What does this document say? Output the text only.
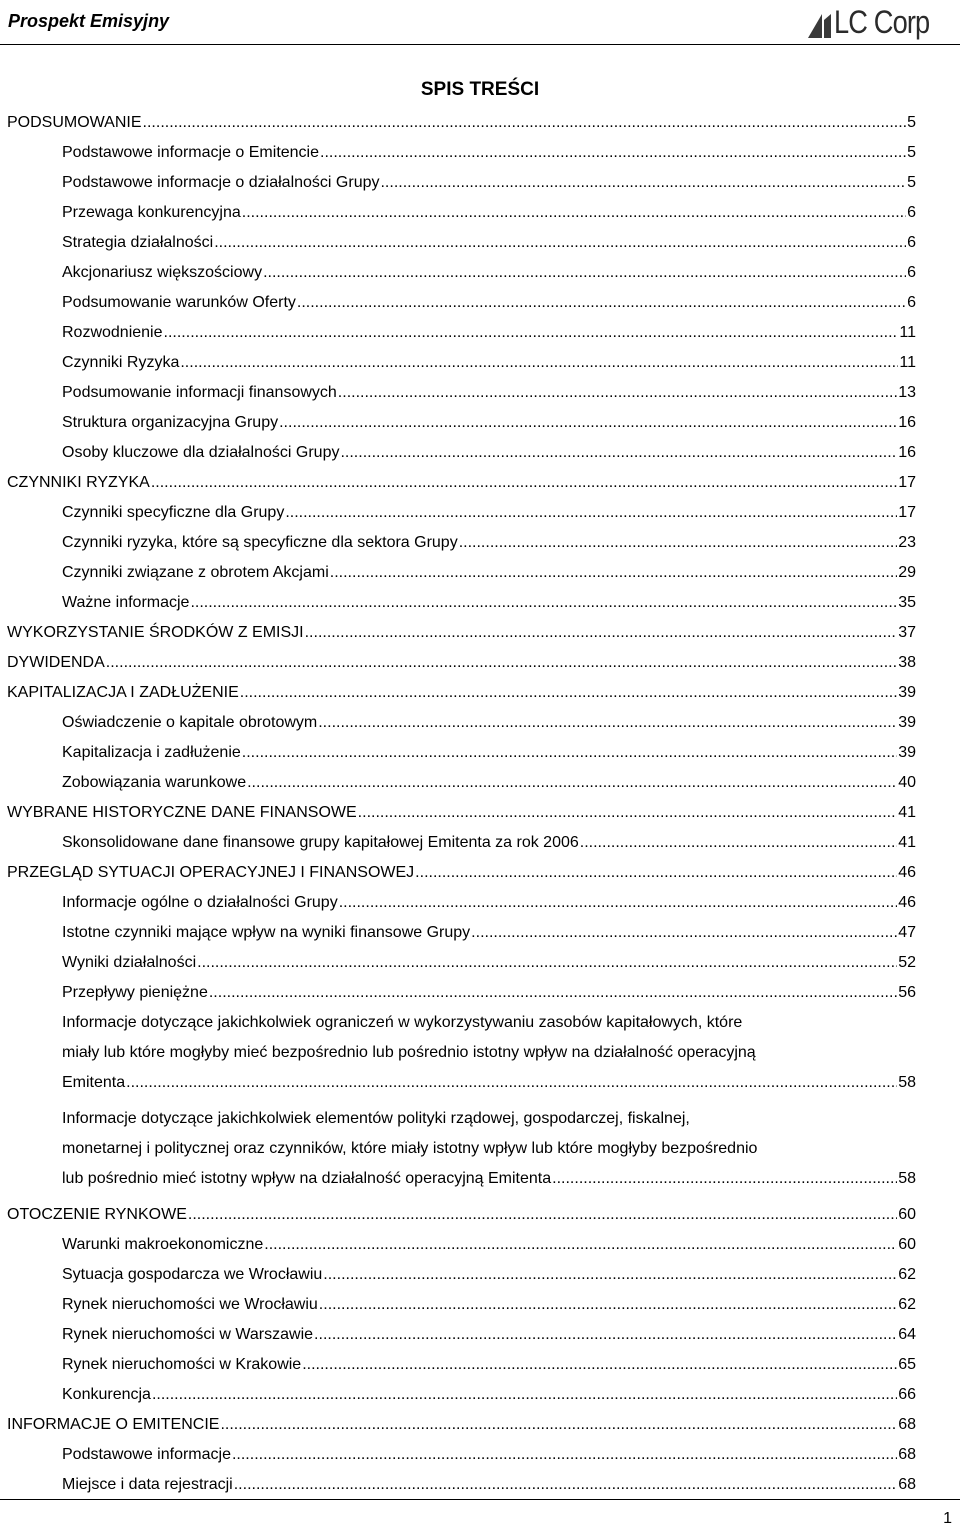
Prospekt Emisyjny	LC Corp
SPIS TREŚCI
PODSUMOWANIE .....	5
Podstawowe informacje o Emitencie .....	5
Podstawowe informacje o działalności Grupy .....	5
Przewaga konkurencyjna .....	6
Strategia działalności .....	6
Akcjonariusz większościowy .....	6
Podsumowanie warunków Oferty .....	6
Rozwodnienie .....	11
Czynniki Ryzyka .....	11
Podsumowanie informacji finansowych .....	13
Struktura organizacyjna Grupy .....	16
Osoby kluczowe dla działalności Grupy .....	16
CZYNNIKI RYZYKA .....	17
Czynniki specyficzne dla Grupy .....	17
Czynniki ryzyka, które są specyficzne dla sektora Grupy .....	23
Czynniki związane z obrotem Akcjami .....	29
Ważne informacje .....	35
WYKORZYSTANIE ŚRODKÓW Z EMISJI .....	37
DYWIDENDA .....	38
KAPITALIZACJA I ZADŁUŻENIE .....	39
Oświadczenie o kapitale obrotowym .....	39
Kapitalizacja i zadłużenie .....	39
Zobowiązania warunkowe .....	40
WYBRANE HISTORYCZNE DANE FINANSOWE .....	41
Skonsolidowane dane finansowe grupy kapitałowej Emitenta za rok 2006 .....	41
PRZEGLĄD SYTUACJI OPERACYJNEJ I FINANSOWEJ .....	46
Informacje ogólne o działalności Grupy .....	46
Istotne czynniki mające wpływ na wyniki finansowe Grupy .....	47
Wyniki działalności .....	52
Przepływy pieniężne .....	56
Informacje dotyczące jakichkolwiek ograniczeń w wykorzystywaniu zasobów kapitałowych, które
miały lub które mogłyby mieć bezpośrednio lub pośrednio istotny wpływ na działalność operacyjną
Emitenta .....	58
Informacje dotyczące jakichkolwiek elementów polityki rządowej, gospodarczej, fiskalnej,
monetarnej i politycznej oraz czynników, które miały istotny wpływ lub które mogłyby bezpośrednio
lub pośrednio mieć istotny wpływ na działalność operacyjną Emitenta .....	58
OTOCZENIE RYNKOWE .....	60
Warunki makroekonomiczne .....	60
Sytuacja gospodarcza we Wrocławiu .....	62
Rynek nieruchomości we Wrocławiu .....	62
Rynek nieruchomości w Warszawie .....	64
Rynek nieruchomości w Krakowie .....	65
Konkurencja .....	66
INFORMACJE O EMITENCIE .....	68
Podstawowe informacje .....	68
Miejsce i data rejestracji .....	68
1
